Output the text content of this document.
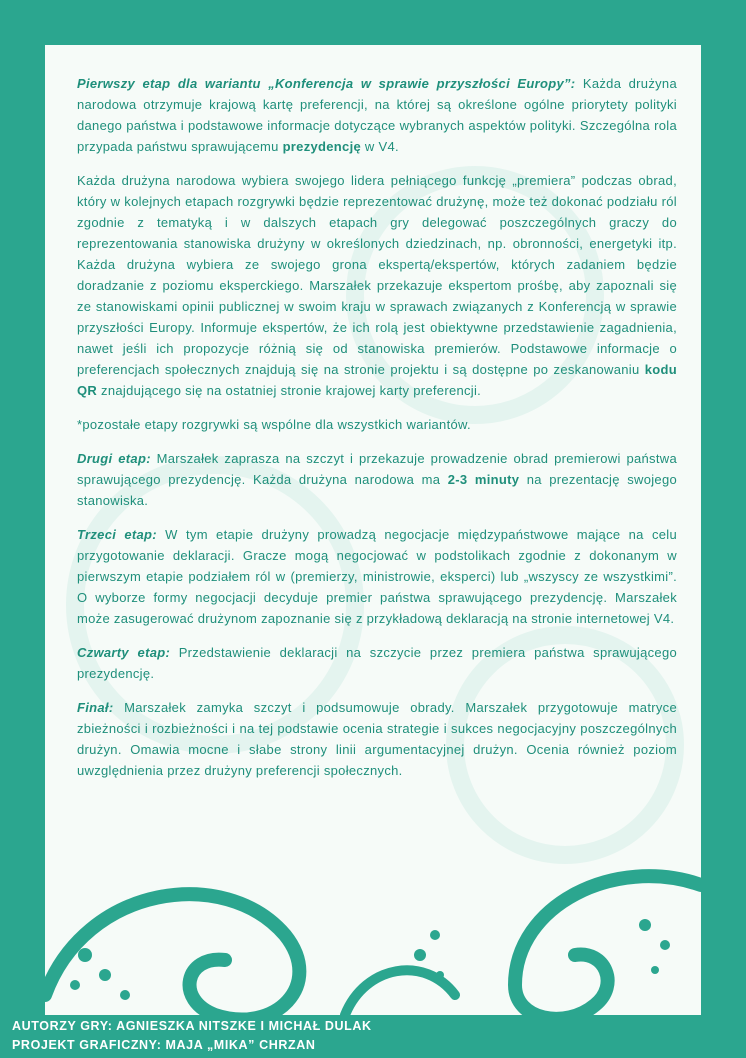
Pierwszy etap dla wariantu „Konferencja w sprawie przyszłości Europy”: Każda drużyna narodowa otrzymuje krajową kartę preferencji, na której są określone ogólne priorytety polityki danego państwa i podstawowe informacje dotyczące wybranych aspektów polityki. Szczególna rola przypada państwu sprawującemu prezydencję w V4.

Każda drużyna narodowa wybiera swojego lidera pełniącego funkcję „premiera” podczas obrad, który w kolejnych etapach rozgrywki będzie reprezentować drużynę, może też dokonać podziału ról zgodnie z tematyką i w dalszych etapach gry delegować poszczególnych graczy do reprezentowania stanowiska drużyny w określonych dziedzinach, np. obronności, energetyki itp. Każda drużyna wybiera ze swojego grona ekspertą/ekspertów, których zadaniem będzie doradzanie z poziomu eksperckiego. Marszałek przekazuje ekspertom prośbę, aby zapoznali się ze stanowiskami opinii publicznej w swoim kraju w sprawach związanych z Konferencją w sprawie przyszłości Europy. Informuje ekspertów, że ich rolą jest obiektywne przedstawienie zagadnienia, nawet jeśli ich propozycje różnią się od stanowiska premierów. Podstawowe informacje o preferencjach społecznych znajdują się na stronie projektu i są dostępne po zeskanowaniu kodu QR znajdującego się na ostatniej stronie krajowej karty preferencji.

*pozostałe etapy rozgrywki są wspólne dla wszystkich wariantów.

Drugi etap: Marszałek zaprasza na szczyt i przekazuje prowadzenie obrad premierowi państwa sprawującego prezydencję. Każda drużyna narodowa ma 2-3 minuty na prezentację swojego stanowiska.

Trzeci etap: W tym etapie drużyny prowadzą negocjacje międzypaństwowe mające na celu przygotowanie deklaracji. Gracze mogą negocjować w podstolikach zgodnie z dokonanym w pierwszym etapie podziałem ról w (premierzy, ministrowie, eksperci) lub „wszyscy ze wszystkimi”. O wyborze formy negocjacji decyduje premier państwa sprawującego prezydencję. Marszałek może zasugerować drużynom zapoznanie się z przykładową deklaracją na stronie internetowej V4.

Czwarty etap: Przedstawienie deklaracji na szczycie przez premiera państwa sprawującego prezydencję.

Finał: Marszałek zamyka szczyt i podsumowuje obrady. Marszałek przygotowuje matryce zbieżności i rozbieżności i na tej podstawie ocenia strategie i sukces negocjacyjny poszczególnych drużyn. Omawia mocne i słabe strony linii argumentacyjnej drużyn. Ocenia również poziom uwzględnienia przez drużyny preferencji społecznych.

AUTORZY GRY: AGNIESZKA NITSZKE I MICHAŁ DULAK
PROJEKT GRAFICZNY: MAJA „MIKA” CHRZAN
